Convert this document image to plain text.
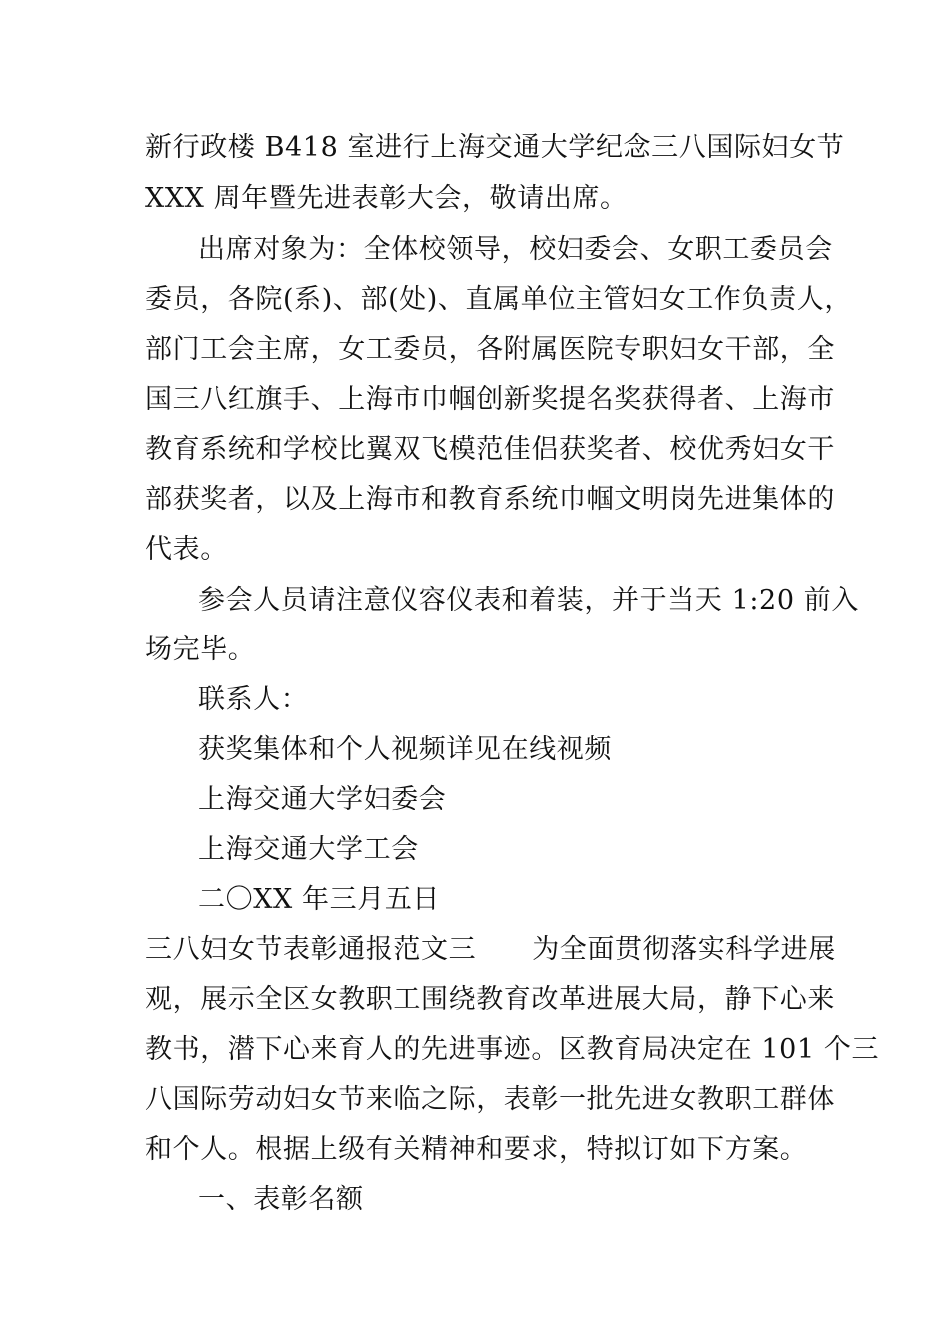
新行政楼 B418 室进行上海交通大学纪念三八国际妇女节
XXX 周年暨先进表彰大会，敬请出席。
出席对象为：全体校领导，校妇委会、女职工委员会
委员，各院(系)、部(处)、直属单位主管妇女工作负责人，
部门工会主席，女工委员，各附属医院专职妇女干部，全
国三八红旗手、上海市巾帼创新奖提名奖获得者、上海市
教育系统和学校比翼双飞模范佳侣获奖者、校优秀妇女干
部获奖者，以及上海市和教育系统巾帼文明岗先进集体的
代表。
参会人员请注意仪容仪表和着装，并于当天 1:20 前入
场完毕。
联系人：
获奖集体和个人视频详见在线视频
上海交通大学妇委会
上海交通大学工会
二〇XX 年三月五日
三八妇女节表彰通报范文三 为全面贯彻落实科学进展
观，展示全区女教职工围绕教育改革进展大局，静下心来
教书，潜下心来育人的先进事迹。区教育局决定在 101 个三
八国际劳动妇女节来临之际，表彰一批先进女教职工群体
和个人。根据上级有关精神和要求，特拟订如下方案。
一、表彰名额
